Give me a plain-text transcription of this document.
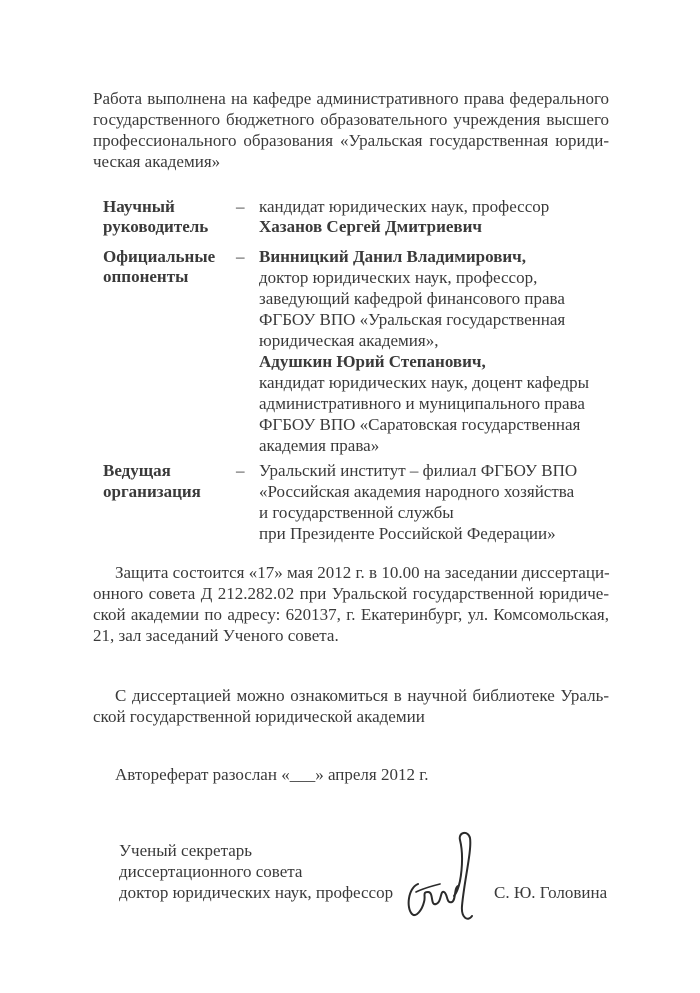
Работа выполнена на кафедре административного права федерального
государственного бюджетного образовательного учреждения высшего
профессионального образования «Уральская государственная юриди-
ческая академия»
Научный
руководитель
– кандидат юридических наук, профессор
Хазанов Сергей Дмитриевич
Официальные
оппоненты
– Винницкий Данил Владимирович,
доктор юридических наук, профессор,
заведующий кафедрой финансового права
ФГБОУ ВПО «Уральская государственная
юридическая академия»,
Адушкин Юрий Степанович,
кандидат юридических наук, доцент кафедры
административного и муниципального права
ФГБОУ ВПО «Саратовская государственная
академия права»
Ведущая
организация
– Уральский институт – филиал ФГБОУ ВПО
«Российская академия народного хозяйства
и государственной службы
при Президенте Российской Федерации»
Защита состоится «17» мая 2012 г. в 10.00 на заседании диссертаци-
онного совета Д 212.282.02 при Уральской государственной юридиче-
ской академии по адресу: 620137, г. Екатеринбург, ул. Комсомольская,
21, зал заседаний Ученого совета.
С диссертацией можно ознакомиться в научной библиотеке Ураль-
ской государственной юридической академии
Автореферат разослан «___» апреля 2012 г.
Ученый секретарь
диссертационного совета
доктор юридических наук, профессор	С. Ю. Головина
